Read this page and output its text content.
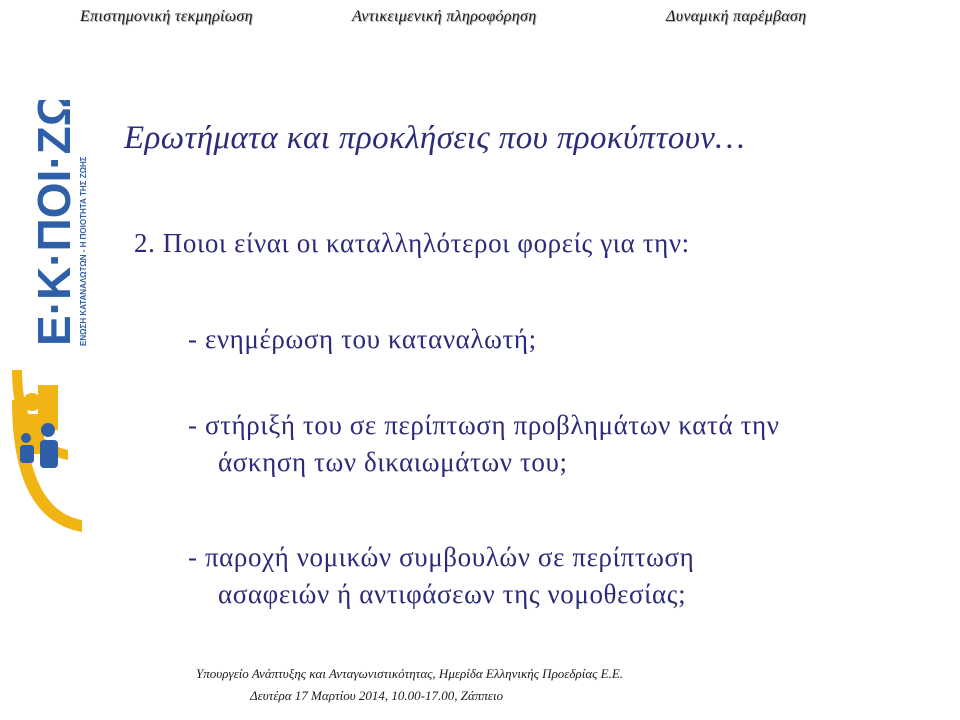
Επιστημονική τεκμηρίωση	Αντικειμενική πληροφόρηση	Δυναμική παρέμβαση
Ε·Κ·ΠΟΙ·ΖΩ ΕΝΩΣΗ ΚΑΤΑΝΑΛΩΤΩΝ - Η ΠΟΙΟΤΗΤΑ ΤΗΣ ΖΩΗΣ
Ερωτήματα και προκλήσεις που προκύπτουν…
2. Ποιοι είναι οι καταλληλότεροι φορείς για την:
- ενημέρωση του καταναλωτή;
- στήριξή του σε περίπτωση προβλημάτων κατά την
άσκηση των δικαιωμάτων του;
- παροχή νομικών συμβουλών σε περίπτωση
ασαφειών ή αντιφάσεων της νομοθεσίας;
Υπουργείο Ανάπτυξης και Ανταγωνιστικότητας, Ημερίδα Ελληνικής Προεδρίας Ε.Ε.
Δευτέρα 17 Μαρτίου 2014, 10.00-17.00, Ζάππειο
